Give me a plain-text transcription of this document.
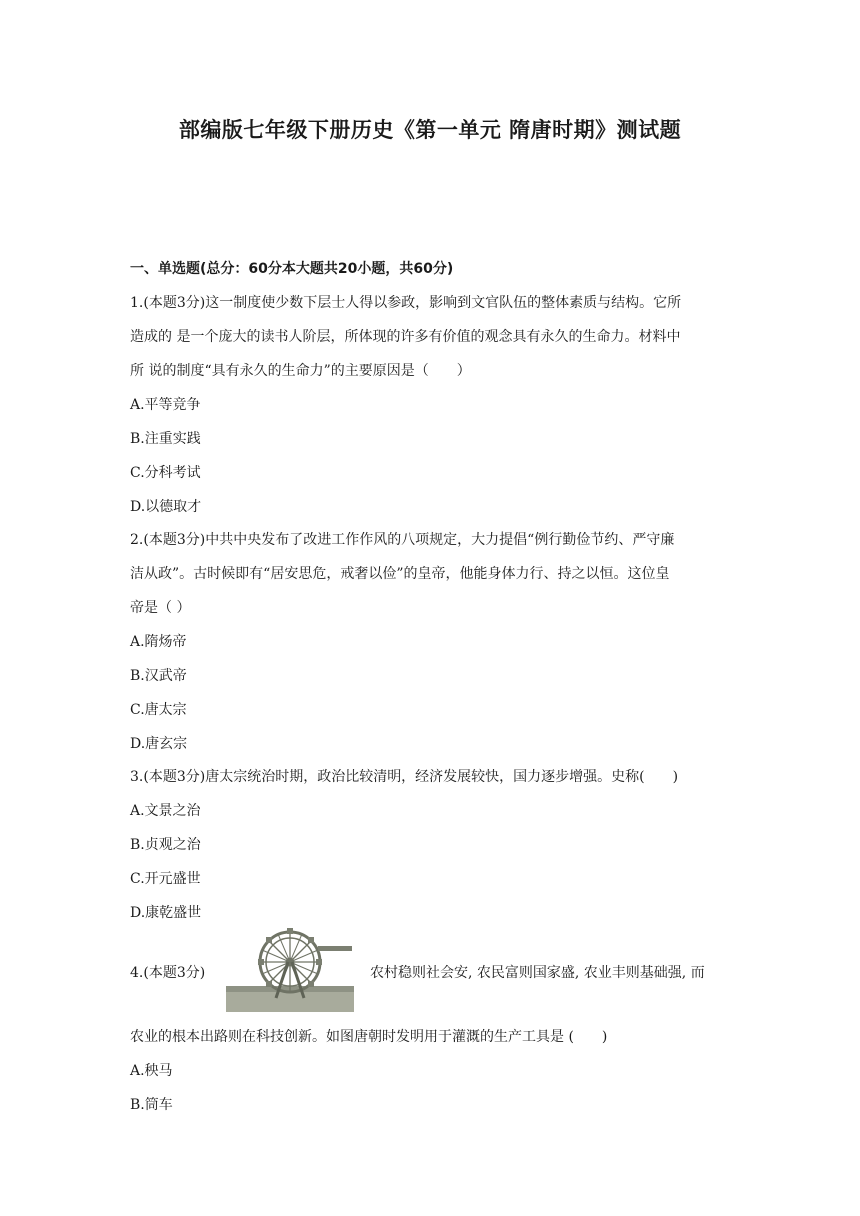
部编版七年级下册历史《第一单元 隋唐时期》测试题
一、单选题(总分：60分本大题共20小题，共60分)
1.(本题3分)这一制度使少数下层士人得以参政，影响到文官队伍的整体素质与结构。它所
造成的 是一个庞大的读书人阶层，所体现的许多有价值的观念具有永久的生命力。材料中
所 说的制度“具有永久的生命力”的主要原因是（　　）
A.平等竞争
B.注重实践
C.分科考试
D.以德取才
2.(本题3分)中共中央发布了改进工作作风的八项规定，大力提倡“例行勤俭节约、严守廉
洁从政”。古时候即有“居安思危，戒奢以俭”的皇帝，他能身体力行、持之以恒。这位皇
帝是（ ）
A.隋炀帝
B.汉武帝
C.唐太宗
D.唐玄宗
3.(本题3分)唐太宗统治时期，政治比较清明，经济发展较快，国力逐步增强。史称(　　)
A.文景之治
B.贞观之治
C.开元盛世
D.康乾盛世
4.(本题3分)	农村稳则社会安, 农民富则国家盛, 农业丰则基础强, 而
农业的根本出路则在科技创新。如图唐朝时发明用于灌溉的生产工具是 (　　)
A.秧马
B.筒车
